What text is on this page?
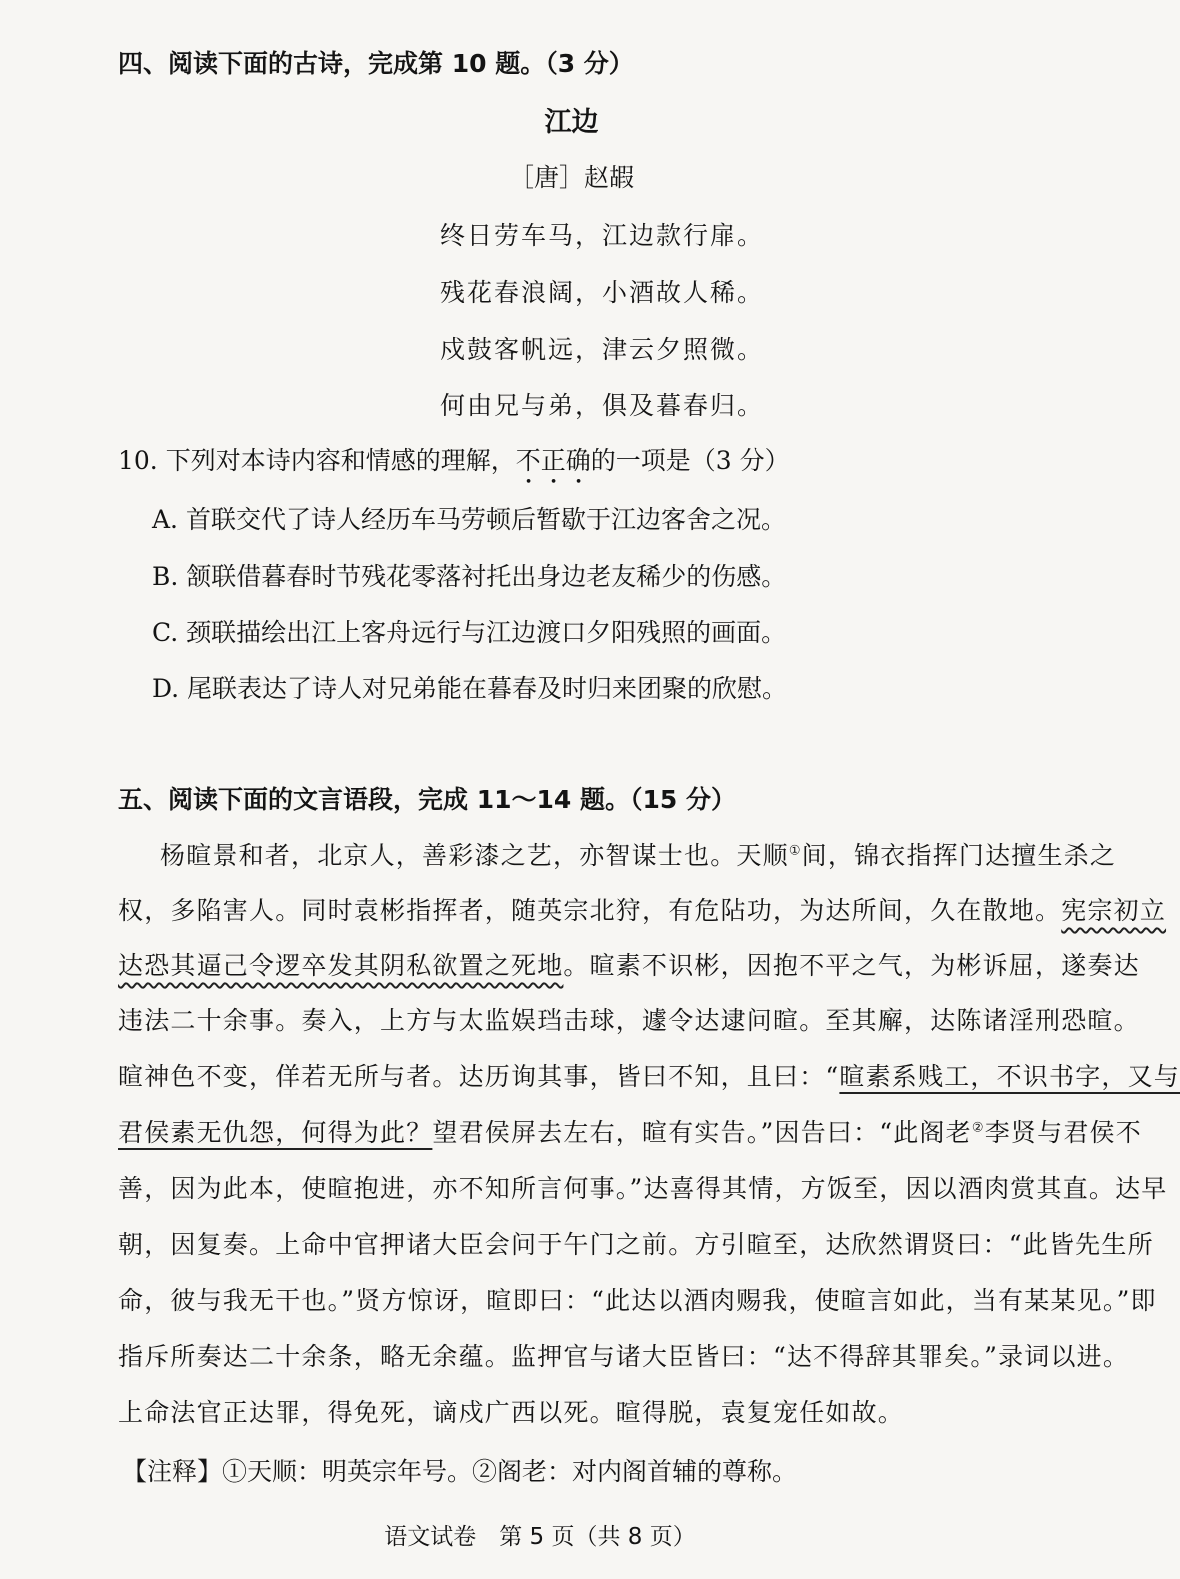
四、阅读下面的古诗，完成第 10 题。（3 分）
江边
［唐］赵嘏
终日劳车马，江边款行扉。
残花春浪阔，小酒故人稀。
戍鼓客帆远，津云夕照微。
何由兄与弟，俱及暮春归。
10. 下列对本诗内容和情感的理解，不正确的一项是（3 分）
A. 首联交代了诗人经历车马劳顿后暂歇于江边客舍之况。
B. 颔联借暮春时节残花零落衬托出身边老友稀少的伤感。
C. 颈联描绘出江上客舟远行与江边渡口夕阳残照的画面。
D. 尾联表达了诗人对兄弟能在暮春及时归来团聚的欣慰。
五、阅读下面的文言语段，完成 11～14 题。（15 分）
杨暄景和者，北京人，善彩漆之艺，亦智谋士也。天顺①间，锦衣指挥门达擅生杀之
权，多陷害人。同时袁彬指挥者，随英宗北狩，有危阽功，为达所间，久在散地。宪宗初立
达恐其逼己令逻卒发其阴私欲置之死地。暄素不识彬，因抱不平之气，为彬诉屈，遂奏达
违法二十余事。奏入，上方与太监娱珰击球，遽令达逮问暄。至其廨，达陈诸淫刑恐暄。
暄神色不变，佯若无所与者。达历询其事，皆曰不知，且曰：“暄素系贱工，不识书字，又与
君侯素无仇怨，何得为此？望君侯屏去左右，暄有实告。”因告曰：“此阁老②李贤与君侯不
善，因为此本，使暄抱进，亦不知所言何事。”达喜得其情，方饭至，因以酒肉赏其直。达早
朝，因复奏。上命中官押诸大臣会问于午门之前。方引暄至，达欣然谓贤曰：“此皆先生所
命，彼与我无干也。”贤方惊讶，暄即曰：“此达以酒肉赐我，使暄言如此，当有某某见。”即
指斥所奏达二十余条，略无余蕴。监押官与诸大臣皆曰：“达不得辞其罪矣。”录词以进。
上命法官正达罪，得免死，谪戍广西以死。暄得脱，袁复宠任如故。
【注释】①天顺：明英宗年号。②阁老：对内阁首辅的尊称。
语文试卷　第 5 页（共 8 页）
